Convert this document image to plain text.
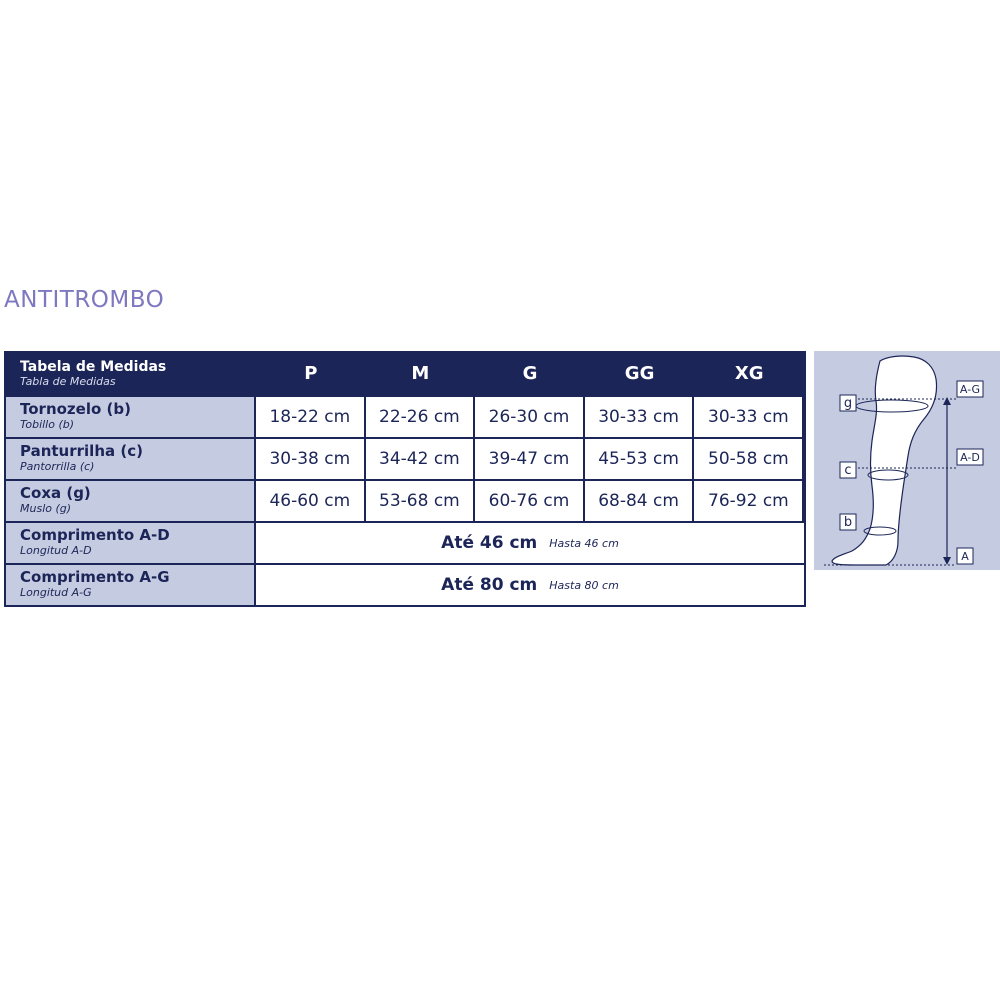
ANTITROMBO
Tabela de Medidas
Tabla de Medidas	P	M	G	GG	XG
Tornozelo (b)
Tobillo (b)	18-22 cm	22-26 cm	26-30 cm	30-33 cm	30-33 cm
Panturrilha (c)
Pantorrilla (c)	30-38 cm	34-42 cm	39-47 cm	45-53 cm	50-58 cm
Coxa (g)
Muslo (g)	46-60 cm	53-68 cm	60-76 cm	68-84 cm	76-92 cm
Comprimento A-D
Longitud A-D	Até 46 cm Hasta 46 cm
Comprimento A-G
Longitud A-G	Até 80 cm Hasta 80 cm
g
c
b
A-G
A-D
A
